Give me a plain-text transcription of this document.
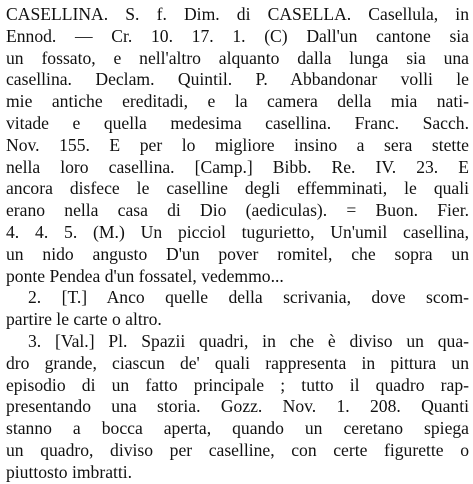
CASELLINA. S. f. Dim. di CASELLA. Casellula, in
Ennod. — Cr. 10. 17. 1. (C) Dall'un cantone sia
un fossato, e nell'altro alquanto dalla lunga sia una
casellina. Declam. Quintil. P. Abbandonar volli le
mie antiche ereditadi, e la camera della mia nati-
vitade e quella medesima casellina. Franc. Sacch.
Nov. 155. E per lo migliore insino a sera stette
nella loro casellina. [Camp.] Bibb. Re. IV. 23. E
ancora disfece le caselline degli effemminati, le quali
erano nella casa di Dio (aediculas). = Buon. Fier.
4. 4. 5. (M.) Un picciol tugurietto, Un'umil casellina,
un nido angusto D'un pover romitel, che sopra un
ponte Pendea d'un fossatel, vedemmo...
2. [T.] Anco quelle della scrivania, dove scom-
partire le carte o altro.
3. [Val.] Pl. Spazii quadri, in che è diviso un qua-
dro grande, ciascun de' quali rappresenta in pittura un
episodio di un fatto principale ; tutto il quadro rap-
presentando una storia. Gozz. Nov. 1. 208. Quanti
stanno a bocca aperta, quando un ceretano spiega
un quadro, diviso per caselline, con certe figurette o
piuttosto imbratti.
